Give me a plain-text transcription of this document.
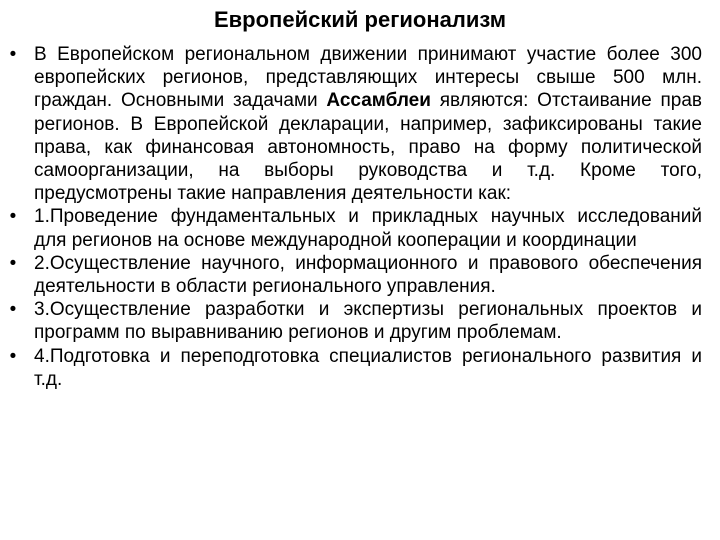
Европейский регионализм
• В Европейском региональном движении принимают участие более 300 европейских регионов, представляющих интересы свыше 500 млн. граждан. Основными задачами Ассамблеи являются: Отстаивание прав регионов. В Европейской декларации, например, зафиксированы такие права, как финансовая автономность, право на форму политической самоорганизации, на выборы руководства и т.д. Кроме того, предусмотрены такие направления деятельности как:
• 1.Проведение фундаментальных и прикладных научных исследований для регионов на основе международной кооперации и координации
• 2.Осуществление научного, информационного и правового обеспечения деятельности в области регионального управления.
• 3.Осуществление разработки и экспертизы региональных проектов и программ по выравниванию регионов и другим проблемам.
• 4.Подготовка и переподготовка специалистов регионального развития и т.д.
